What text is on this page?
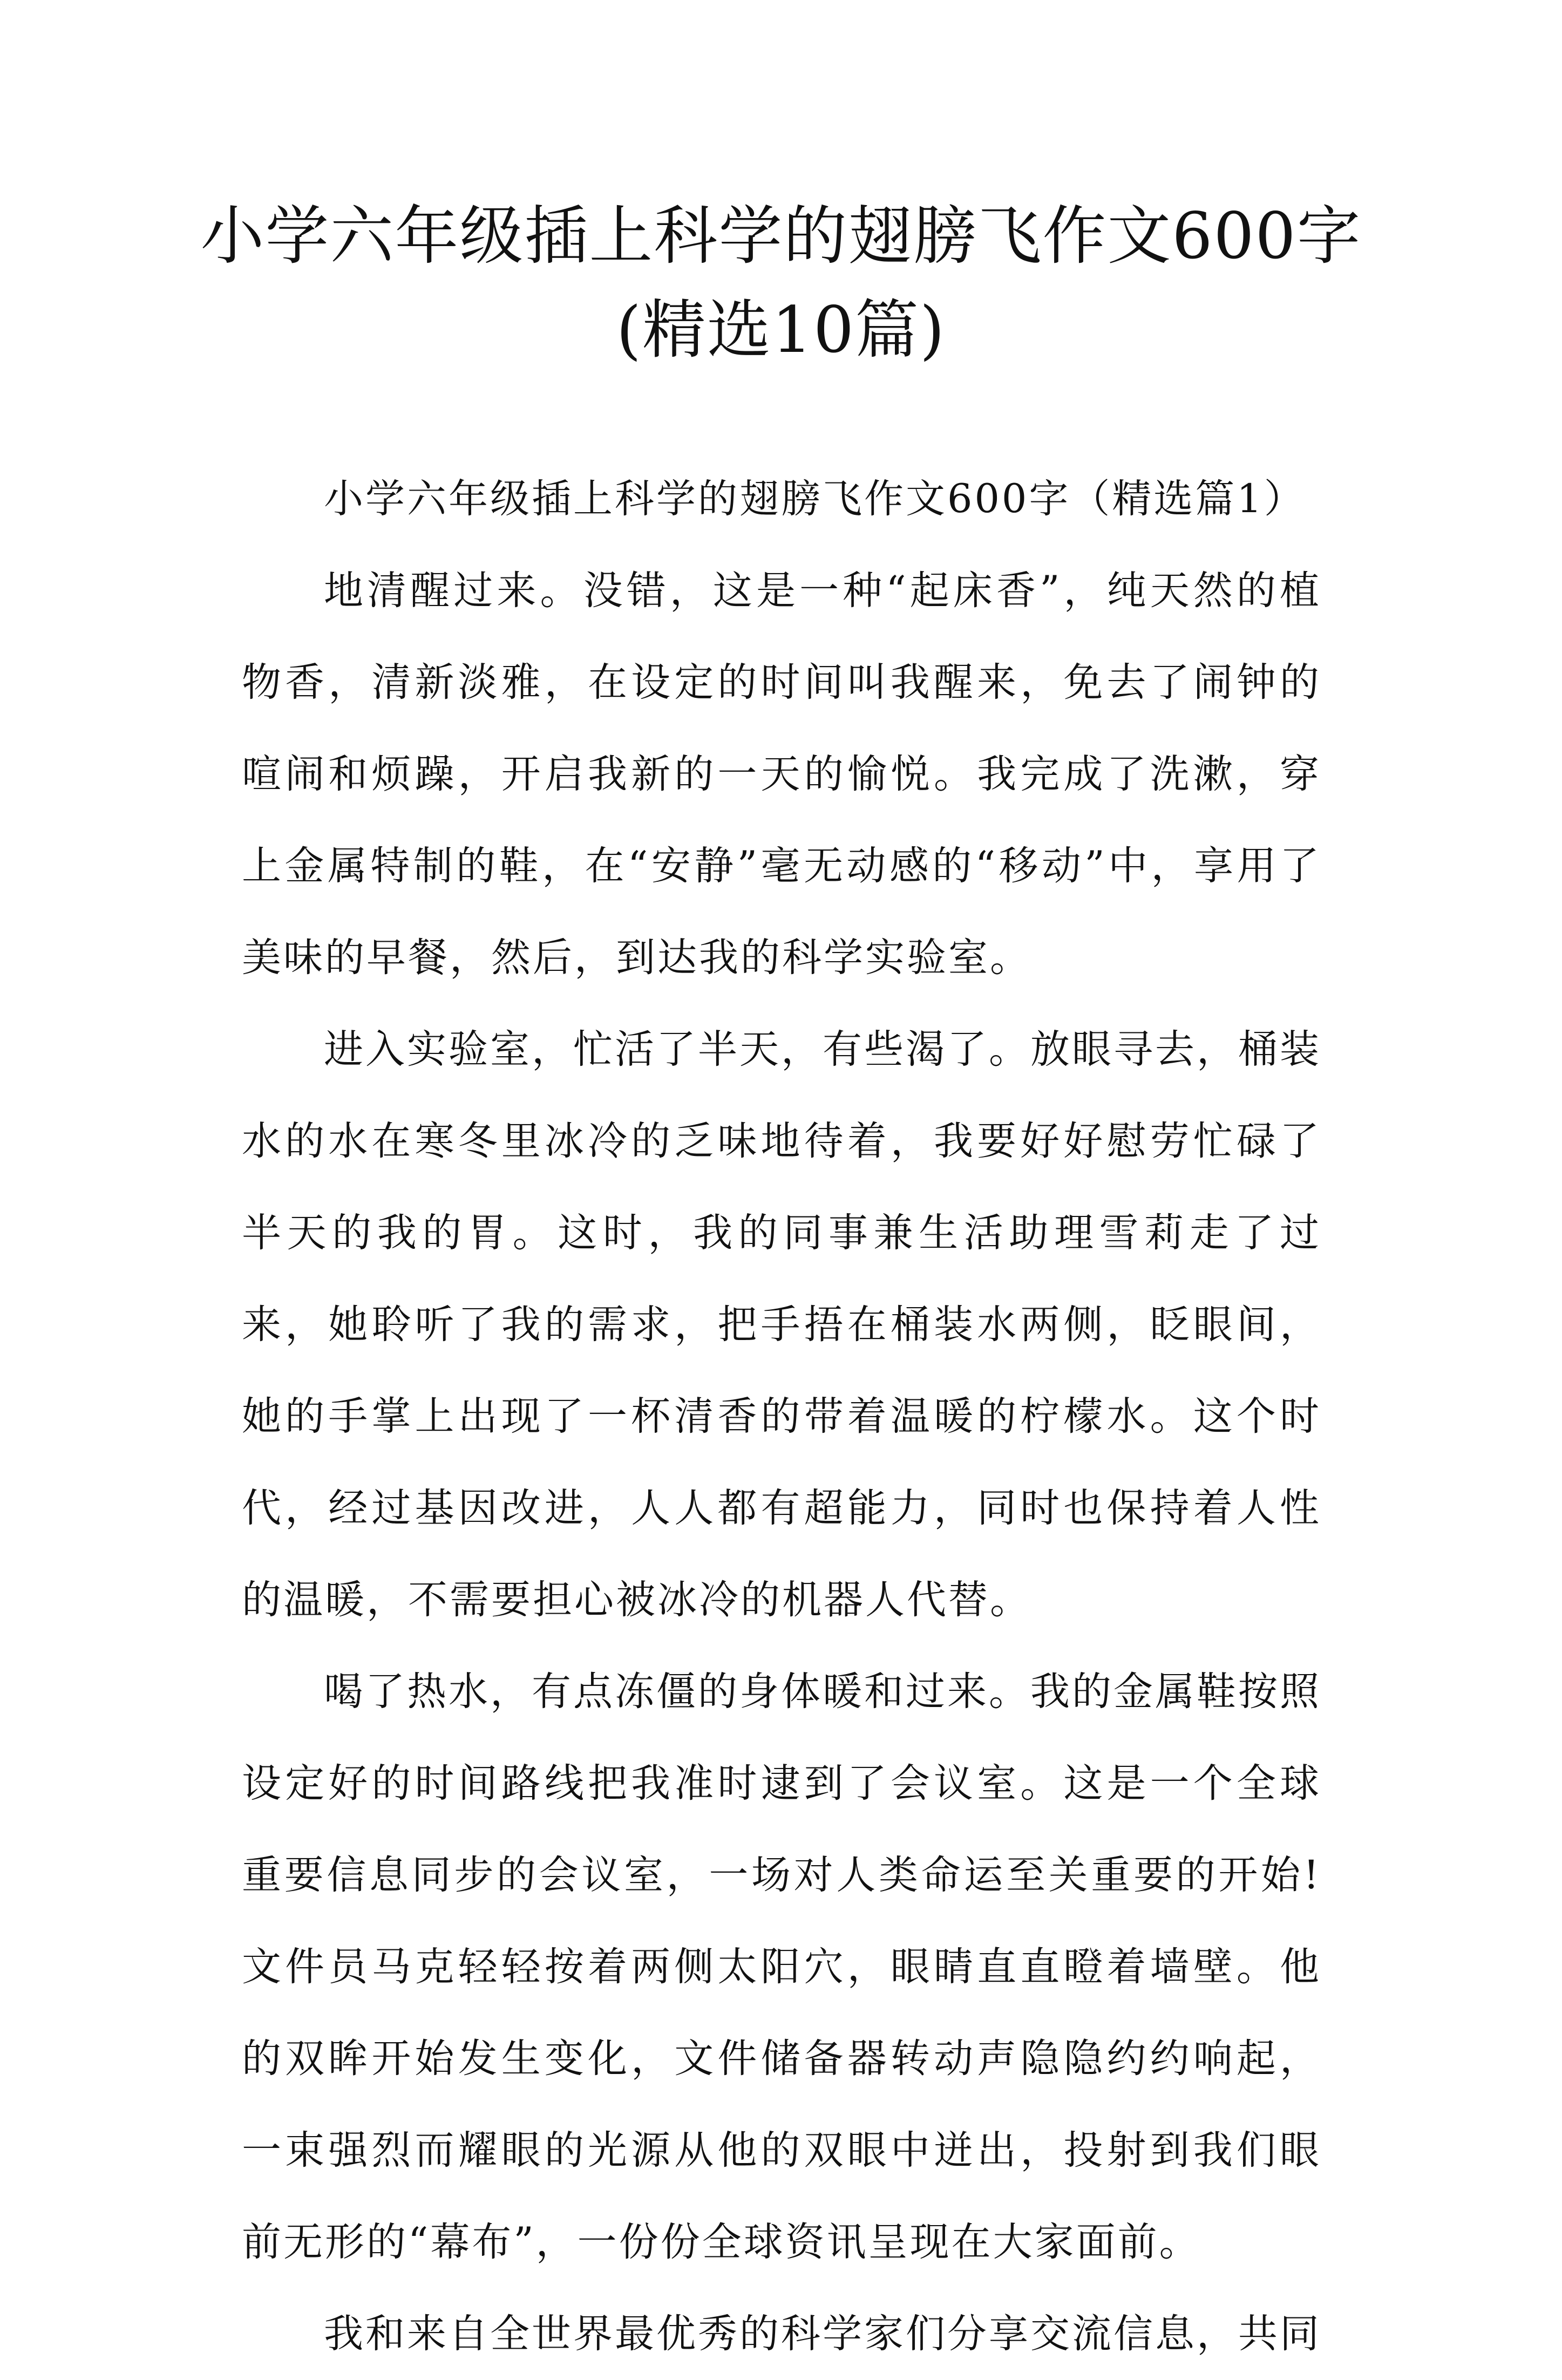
小学六年级插上科学的翅膀飞作文600字
(精选10篇)

小学六年级插上科学的翅膀飞作文600字（精选篇1）

地清醒过来。没错，这是一种“起床香”，纯天然的植物香，清新淡雅，在设定的时间叫我醒来，免去了闹钟的喧闹和烦躁，开启我新的一天的愉悦。我完成了洗漱，穿上金属特制的鞋，在“安静”毫无动感的“移动”中，享用了美味的早餐，然后，到达我的科学实验室。

进入实验室，忙活了半天，有些渴了。放眼寻去，桶装水的水在寒冬里冰冷的乏味地待着，我要好好慰劳忙碌了半天的我的胃。这时，我的同事兼生活助理雪莉走了过来，她聆听了我的需求，把手捂在桶装水两侧，眨眼间，她的手掌上出现了一杯清香的带着温暖的柠檬水。这个时代，经过基因改进，人人都有超能力，同时也保持着人性的温暖，不需要担心被冰冷的机器人代替。

喝了热水，有点冻僵的身体暖和过来。我的金属鞋按照设定好的时间路线把我准时逮到了会议室。这是一个全球重要信息同步的会议室，一场对人类命运至关重要的开始!文件员马克轻轻按着两侧太阳穴，眼睛直直瞪着墙壁。他的双眸开始发生变化，文件储备器转动声隐隐约约响起，一束强烈而耀眼的光源从他的双眼中迸出，投射到我们眼前无形的“幕布”，一份份全球资讯呈现在大家面前。

我和来自全世界最优秀的科学家们分享交流信息，共同
